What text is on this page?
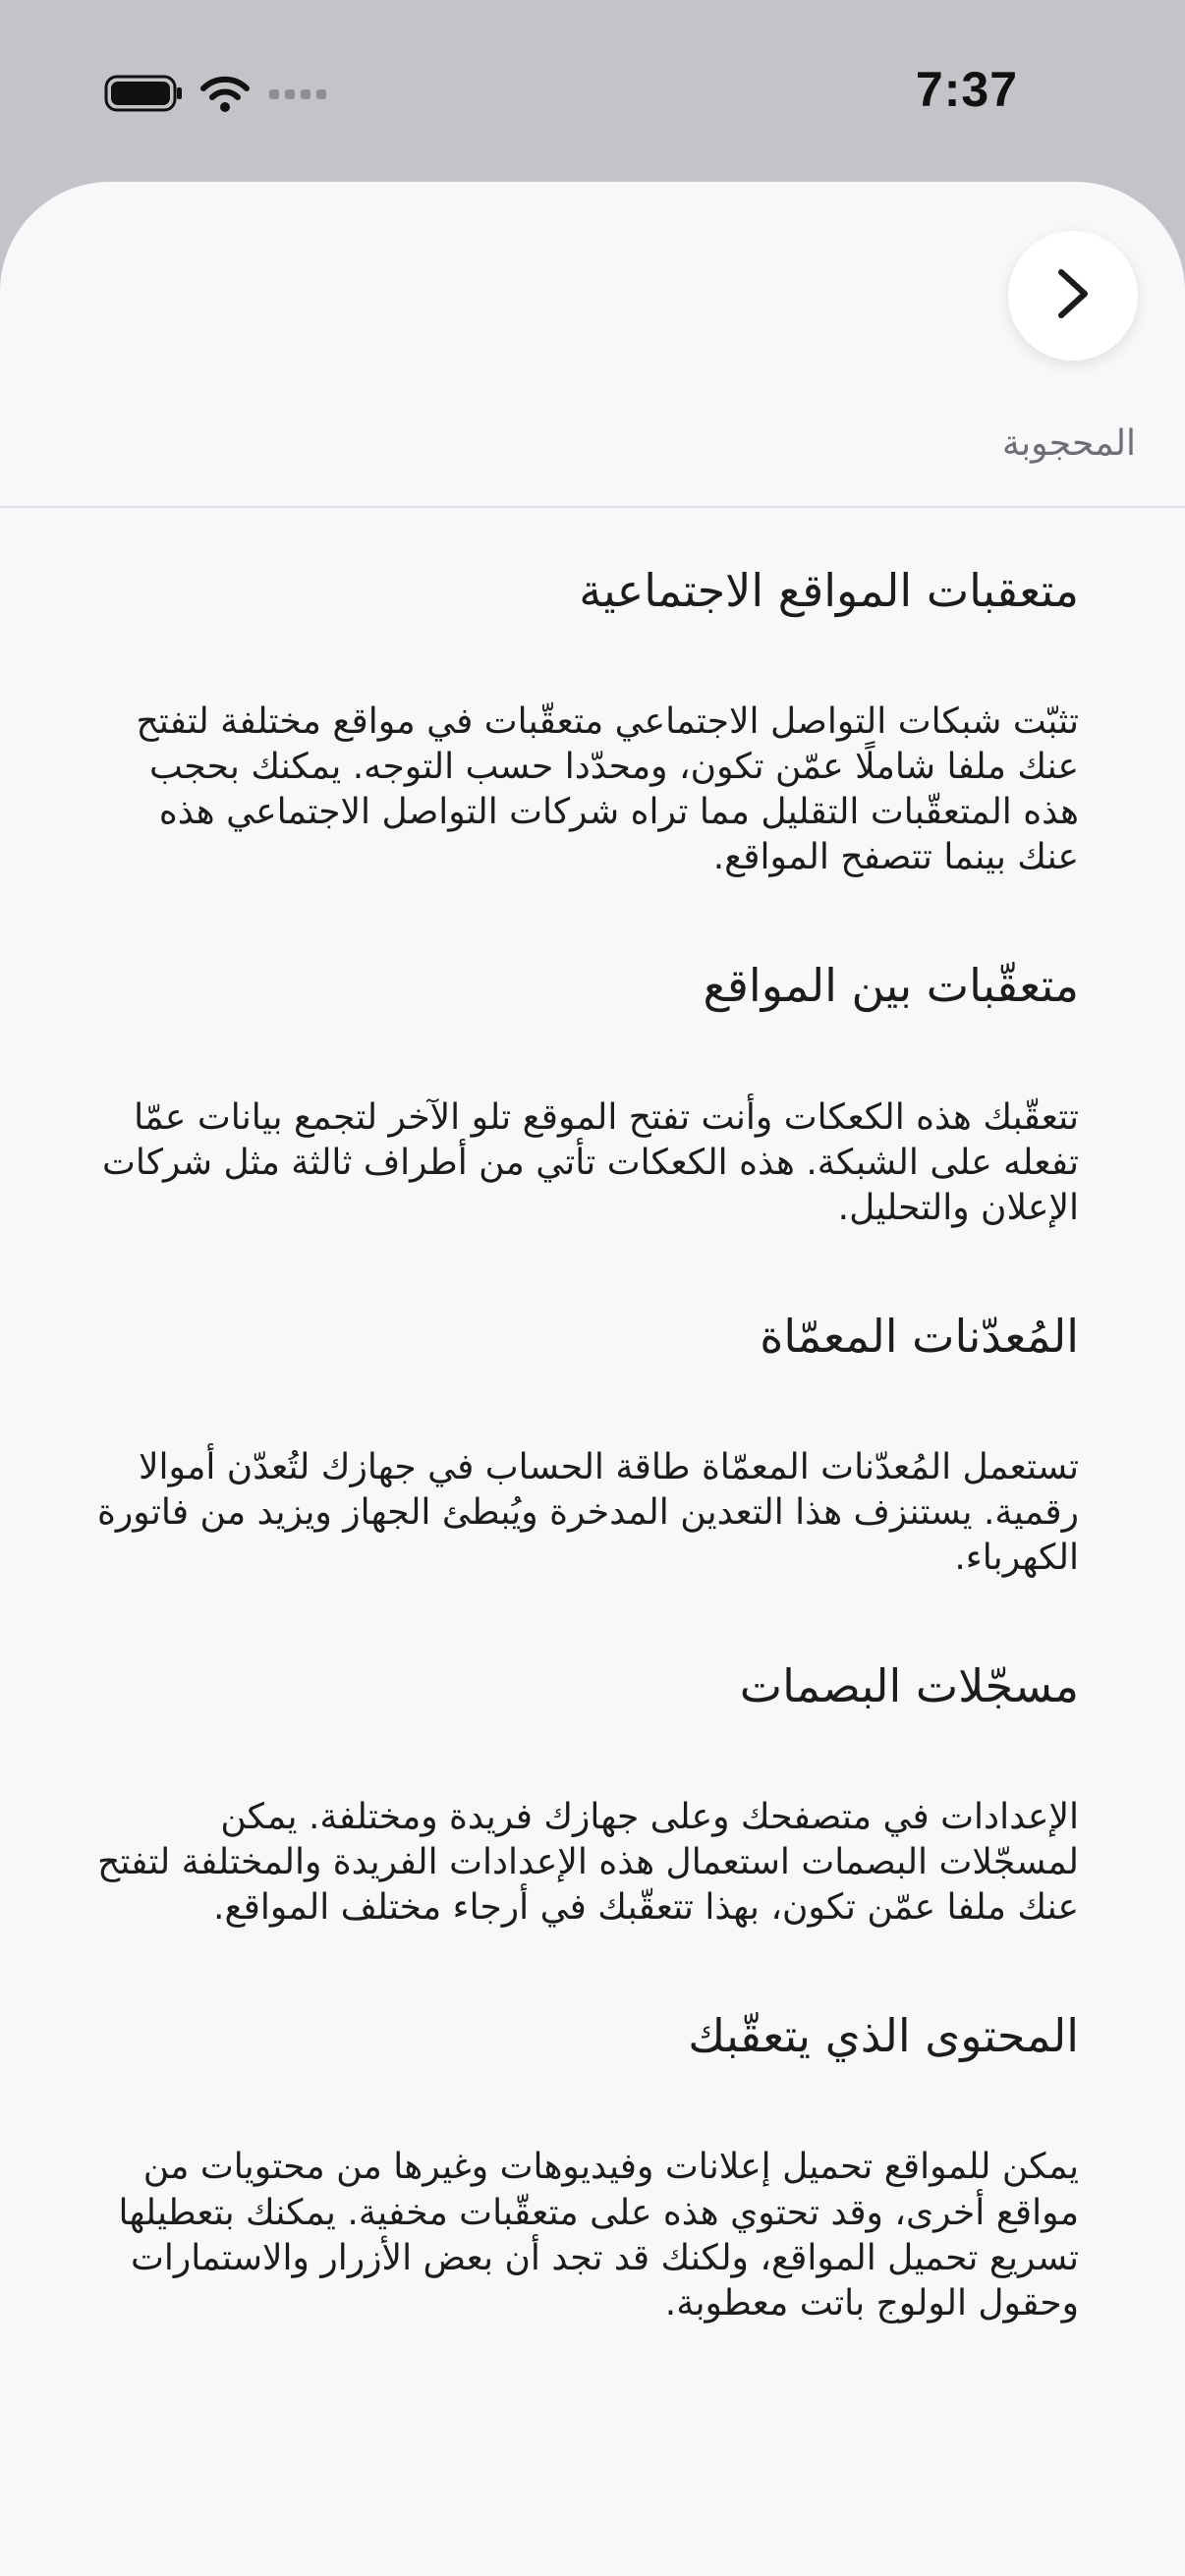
7:37
المحجوبة
متعقبات المواقع الاجتماعية

تثبّت شبكات التواصل الاجتماعي متعقّبات في مواقع مختلفة لتفتح عنك ملفا شاملًا عمّن تكون، ومحدّدا حسب التوجه. يمكنك بحجب هذه المتعقّبات التقليل مما تراه شركات التواصل الاجتماعي هذه عنك بينما تتصفح المواقع.

متعقّبات بين المواقع

تتعقّبك هذه الكعكات وأنت تفتح الموقع تلو الآخر لتجمع بيانات عمّا تفعله على الشبكة. هذه الكعكات تأتي من أطراف ثالثة مثل شركات الإعلان والتحليل.

المُعدّنات المعمّاة

تستعمل المُعدّنات المعمّاة طاقة الحساب في جهازك لتُعدّن أموالا رقمية. يستنزف هذا التعدين المدخرة ويُبطئ الجهاز ويزيد من فاتورة الكهرباء.

مسجّلات البصمات

الإعدادات في متصفحك وعلى جهازك فريدة ومختلفة. يمكن لمسجّلات البصمات استعمال هذه الإعدادات الفريدة والمختلفة لتفتح عنك ملفا عمّن تكون، بهذا تتعقّبك في أرجاء مختلف المواقع.

المحتوى الذي يتعقّبك

يمكن للمواقع تحميل إعلانات وفيديوهات وغيرها من محتويات من مواقع أخرى، وقد تحتوي هذه على متعقّبات مخفية. يمكنك بتعطيلها تسريع تحميل المواقع، ولكنك قد تجد أن بعض الأزرار والاستمارات وحقول الولوج باتت معطوبة.
